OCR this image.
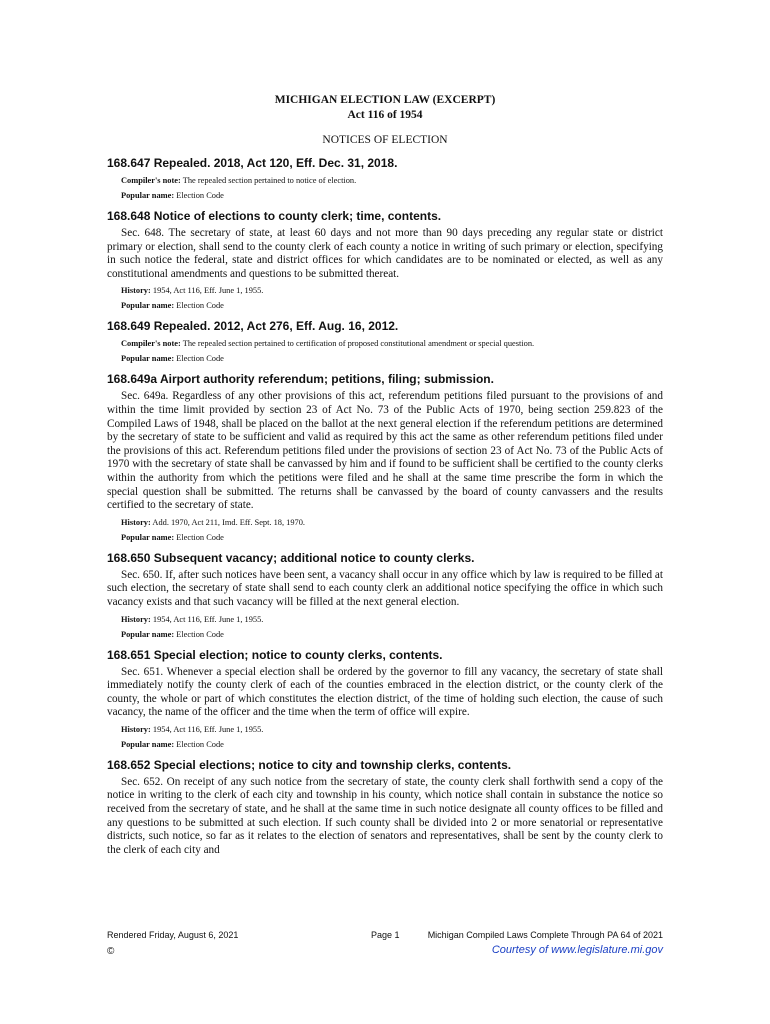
MICHIGAN ELECTION LAW (EXCERPT)

Act 116 of 1954

NOTICES OF ELECTION

168.647 Repealed. 2018, Act 120, Eff. Dec. 31, 2018.

Compiler's note: The repealed section pertained to notice of election.

Popular name: Election Code

168.648 Notice of elections to county clerk; time, contents.

Sec. 648. The secretary of state, at least 60 days and not more than 90 days preceding any regular state or district primary or election, shall send to the county clerk of each county a notice in writing of such primary or election, specifying in such notice the federal, state and district offices for which candidates are to be nominated or elected, as well as any constitutional amendments and questions to be submitted thereat.

History: 1954, Act 116, Eff. June 1, 1955.

Popular name: Election Code

168.649 Repealed. 2012, Act 276, Eff. Aug. 16, 2012.

Compiler's note: The repealed section pertained to certification of proposed constitutional amendment or special question.

Popular name: Election Code

168.649a Airport authority referendum; petitions, filing; submission.

Sec. 649a. Regardless of any other provisions of this act, referendum petitions filed pursuant to the provisions of and within the time limit provided by section 23 of Act No. 73 of the Public Acts of 1970, being section 259.823 of the Compiled Laws of 1948, shall be placed on the ballot at the next general election if the referendum petitions are determined by the secretary of state to be sufficient and valid as required by this act the same as other referendum petitions filed under the provisions of this act. Referendum petitions filed under the provisions of section 23 of Act No. 73 of the Public Acts of 1970 with the secretary of state shall be canvassed by him and if found to be sufficient shall be certified to the county clerks within the authority from which the petitions were filed and he shall at the same time prescribe the form in which the special question shall be submitted. The returns shall be canvassed by the board of county canvassers and the results certified to the secretary of state.

History: Add. 1970, Act 211, Imd. Eff. Sept. 18, 1970.

Popular name: Election Code

168.650 Subsequent vacancy; additional notice to county clerks.

Sec. 650. If, after such notices have been sent, a vacancy shall occur in any office which by law is required to be filled at such election, the secretary of state shall send to each county clerk an additional notice specifying the office in which such vacancy exists and that such vacancy will be filled at the next general election.

History: 1954, Act 116, Eff. June 1, 1955.

Popular name: Election Code

168.651 Special election; notice to county clerks, contents.

Sec. 651. Whenever a special election shall be ordered by the governor to fill any vacancy, the secretary of state shall immediately notify the county clerk of each of the counties embraced in the election district, or the county clerk of the county, the whole or part of which constitutes the election district, of the time of holding such election, the cause of such vacancy, the name of the officer and the time when the term of office will expire.

History: 1954, Act 116, Eff. June 1, 1955.

Popular name: Election Code

168.652 Special elections; notice to city and township clerks, contents.

Sec. 652. On receipt of any such notice from the secretary of state, the county clerk shall forthwith send a copy of the notice in writing to the clerk of each city and township in his county, which notice shall contain in substance the notice so received from the secretary of state, and he shall at the same time in such notice designate all county offices to be filled and any questions to be submitted at such election. If such county shall be divided into 2 or more senatorial or representative districts, such notice, so far as it relates to the election of senators and representatives, shall be sent by the county clerk to the clerk of each city and

Rendered Friday, August 6, 2021	Page 1	Michigan Compiled Laws Complete Through PA 64 of 2021
©	Courtesy of www.legislature.mi.gov
